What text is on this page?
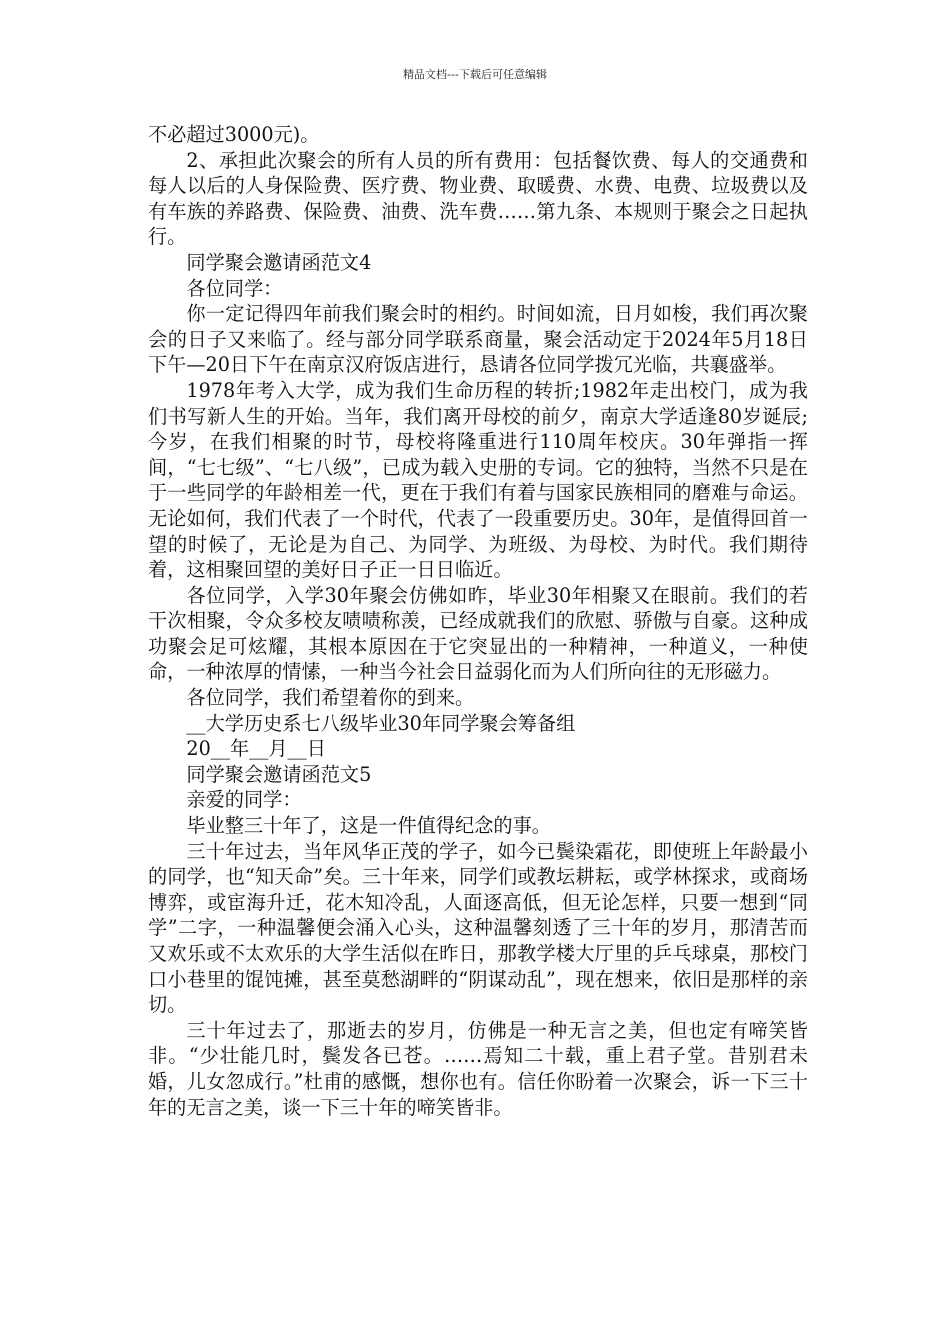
精品文档---下载后可任意编辑

不必超过3000元)。

2、承担此次聚会的所有人员的所有费用：包括餐饮费、每人的交通费和每人以后的人身保险费、医疗费、物业费、取暖费、水费、电费、垃圾费以及有车族的养路费、保险费、油费、洗车费……第九条、本规则于聚会之日起执行。

同学聚会邀请函范文4

各位同学：

你一定记得四年前我们聚会时的相约。时间如流，日月如梭，我们再次聚会的日子又来临了。经与部分同学联系商量，聚会活动定于2024年5月18日下午—20日下午在南京汉府饭店进行，恳请各位同学拨冗光临，共襄盛举。

1978年考入大学，成为我们生命历程的转折;1982年走出校门，成为我们书写新人生的开始。当年，我们离开母校的前夕，南京大学适逢80岁诞辰;今岁，在我们相聚的时节，母校将隆重进行110周年校庆。30年弹指一挥间，“七七级”、“七八级”，已成为载入史册的专词。它的独特，当然不只是在于一些同学的年龄相差一代，更在于我们有着与国家民族相同的磨难与命运。无论如何，我们代表了一个时代，代表了一段重要历史。30年，是值得回首一望的时候了，无论是为自己、为同学、为班级、为母校、为时代。我们期待着，这相聚回望的美好日子正一日日临近。

各位同学，入学30年聚会仿佛如昨，毕业30年相聚又在眼前。我们的若干次相聚，令众多校友啧啧称羡，已经成就我们的欣慰、骄傲与自豪。这种成功聚会足可炫耀，其根本原因在于它突显出的一种精神，一种道义，一种使命，一种浓厚的情愫，一种当今社会日益弱化而为人们所向往的无形磁力。

各位同学，我们希望着你的到来。

__大学历史系七八级毕业30年同学聚会筹备组

20__年__月__日

同学聚会邀请函范文5

亲爱的同学：

毕业整三十年了，这是一件值得纪念的事。

三十年过去，当年风华正茂的学子，如今已鬓染霜花，即使班上年龄最小的同学，也“知天命”矣。三十年来，同学们或教坛耕耘，或学林探求，或商场博弈，或宦海升迁，花木知冷乱，人面逐高低，但无论怎样，只要一想到“同学”二字，一种温馨便会涌入心头，这种温馨刻透了三十年的岁月，那清苦而又欢乐或不太欢乐的大学生活似在昨日，那教学楼大厅里的乒乓球桌，那校门口小巷里的馄饨摊，甚至莫愁湖畔的“阴谋动乱”，现在想来，依旧是那样的亲切。

三十年过去了，那逝去的岁月，仿佛是一种无言之美，但也定有啼笑皆非。“少壮能几时，鬓发各已苍。……焉知二十载，重上君子堂。昔别君未婚，儿女忽成行。”杜甫的感慨，想你也有。信任你盼着一次聚会，诉一下三十年的无言之美，谈一下三十年的啼笑皆非。
